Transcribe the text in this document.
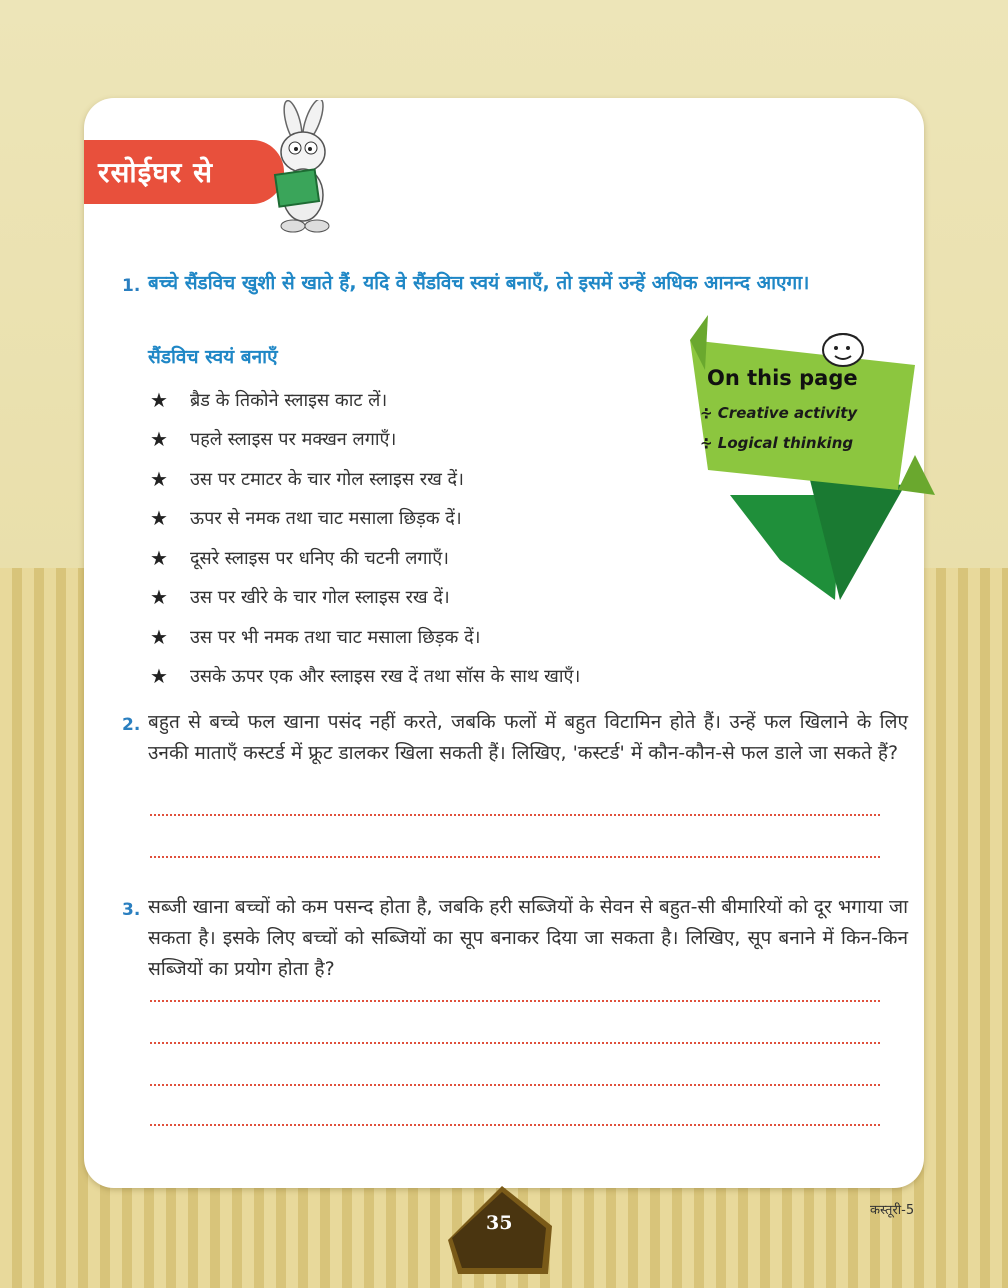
रसोईघर से
1. बच्चे सैंडविच खुशी से खाते हैं, यदि वे सैंडविच स्वयं बनाएँ, तो इसमें उन्हें अधिक आनन्द आएगा।
सैंडविच स्वयं बनाएँ
★	ब्रैड के तिकोने स्लाइस काट लें।
★	पहले स्लाइस पर मक्खन लगाएँ।
★	उस पर टमाटर के चार गोल स्लाइस रख दें।
★	ऊपर से नमक तथा चाट मसाला छिड़क दें।
★	दूसरे स्लाइस पर धनिए की चटनी लगाएँ।
★	उस पर खीरे के चार गोल स्लाइस रख दें।
★	उस पर भी नमक तथा चाट मसाला छिड़क दें।
★	उसके ऊपर एक और स्लाइस रख दें तथा सॉस के साथ खाएँ।
On this page
∻ Creative activity
∻ Logical thinking
2. बहुत से बच्चे फल खाना पसंद नहीं करते, जबकि फलों में बहुत विटामिन होते हैं। उन्हें फल खिलाने के लिए उनकी माताएँ कस्टर्ड में फ्रूट डालकर खिला सकती हैं। लिखिए, 'कस्टर्ड' में कौन-कौन-से फल डाले जा सकते हैं?
3. सब्जी खाना बच्चों को कम पसन्द होता है, जबकि हरी सब्जियों के सेवन से बहुत-सी बीमारियों को दूर भगाया जा सकता है। इसके लिए बच्चों को सब्जियों का सूप बनाकर दिया जा सकता है। लिखिए, सूप बनाने में किन-किन सब्जियों का प्रयोग होता है?
कस्तूरी-5
35
